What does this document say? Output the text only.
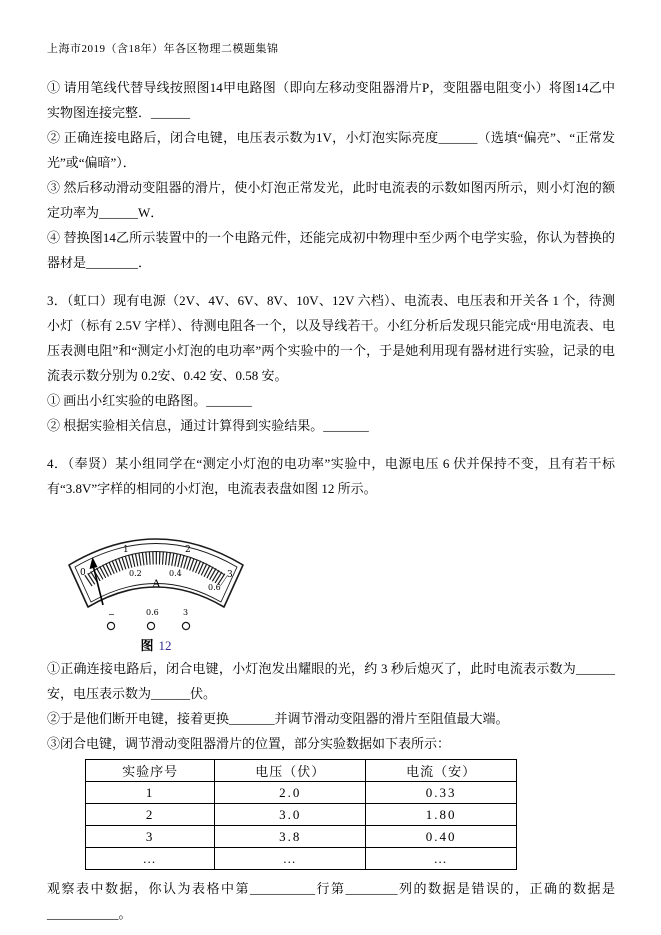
上海市2019（含18年）年各区物理二模题集锦

① 请用笔线代替导线按照图14甲电路图（即向左移动变阻器滑片P，变阻器电阻变小）将图14乙中实物图连接完整．______

② 正确连接电路后，闭合电键，电压表示数为1V，小灯泡实际亮度______（选填“偏亮”、“正常发光”或“偏暗”）．

③ 然后移动滑动变阻器的滑片，使小灯泡正常发光，此时电流表的示数如图丙所示，则小灯泡的额定功率为______W．

④ 替换图14乙所示装置中的一个电路元件，还能完成初中物理中至少两个电学实验，你认为替换的器材是________．

3．（虹口）现有电源（2V、4V、6V、8V、10V、12V 六档）、电流表、电压表和开关各 1 个，待测小灯（标有 2.5V 字样）、待测电阻各一个，以及导线若干。小红分析后发现只能完成“用电流表、电压表测电阻”和“测定小灯泡的电功率”两个实验中的一个，于是她利用现有器材进行实验，记录的电流表示数分别为 0.2安、0.42 安、0.58 安。

① 画出小红实验的电路图。_______

② 根据实验相关信息，通过计算得到实验结果。_______

4．（奉贤）某小组同学在“测定小灯泡的电功率”实验中，电源电压 6 伏并保持不变，且有若干标有“3.8V”字样的相同的小灯泡，电流表表盘如图 12 所示。

0
1	2
3
0.2	0.4
0.6
A
−	0.6	3
图 12

①正确连接电路后，闭合电键，小灯泡发出耀眼的光，约 3 秒后熄灭了，此时电流表示数为______安，电压表示数为______伏。

②于是他们断开电键，接着更换_______并调节滑动变阻器的滑片至阻值最大端。

③闭合电键，调节滑动变阻器滑片的位置，部分实验数据如下表所示：

实验序号	电压（伏）	电流（安）
1	2.0	0.33
2	3.0	1.80
3	3.8	0.40
…	…	…

观察表中数据，你认为表格中第__________行第________列的数据是错误的，正确的数据是___________。
